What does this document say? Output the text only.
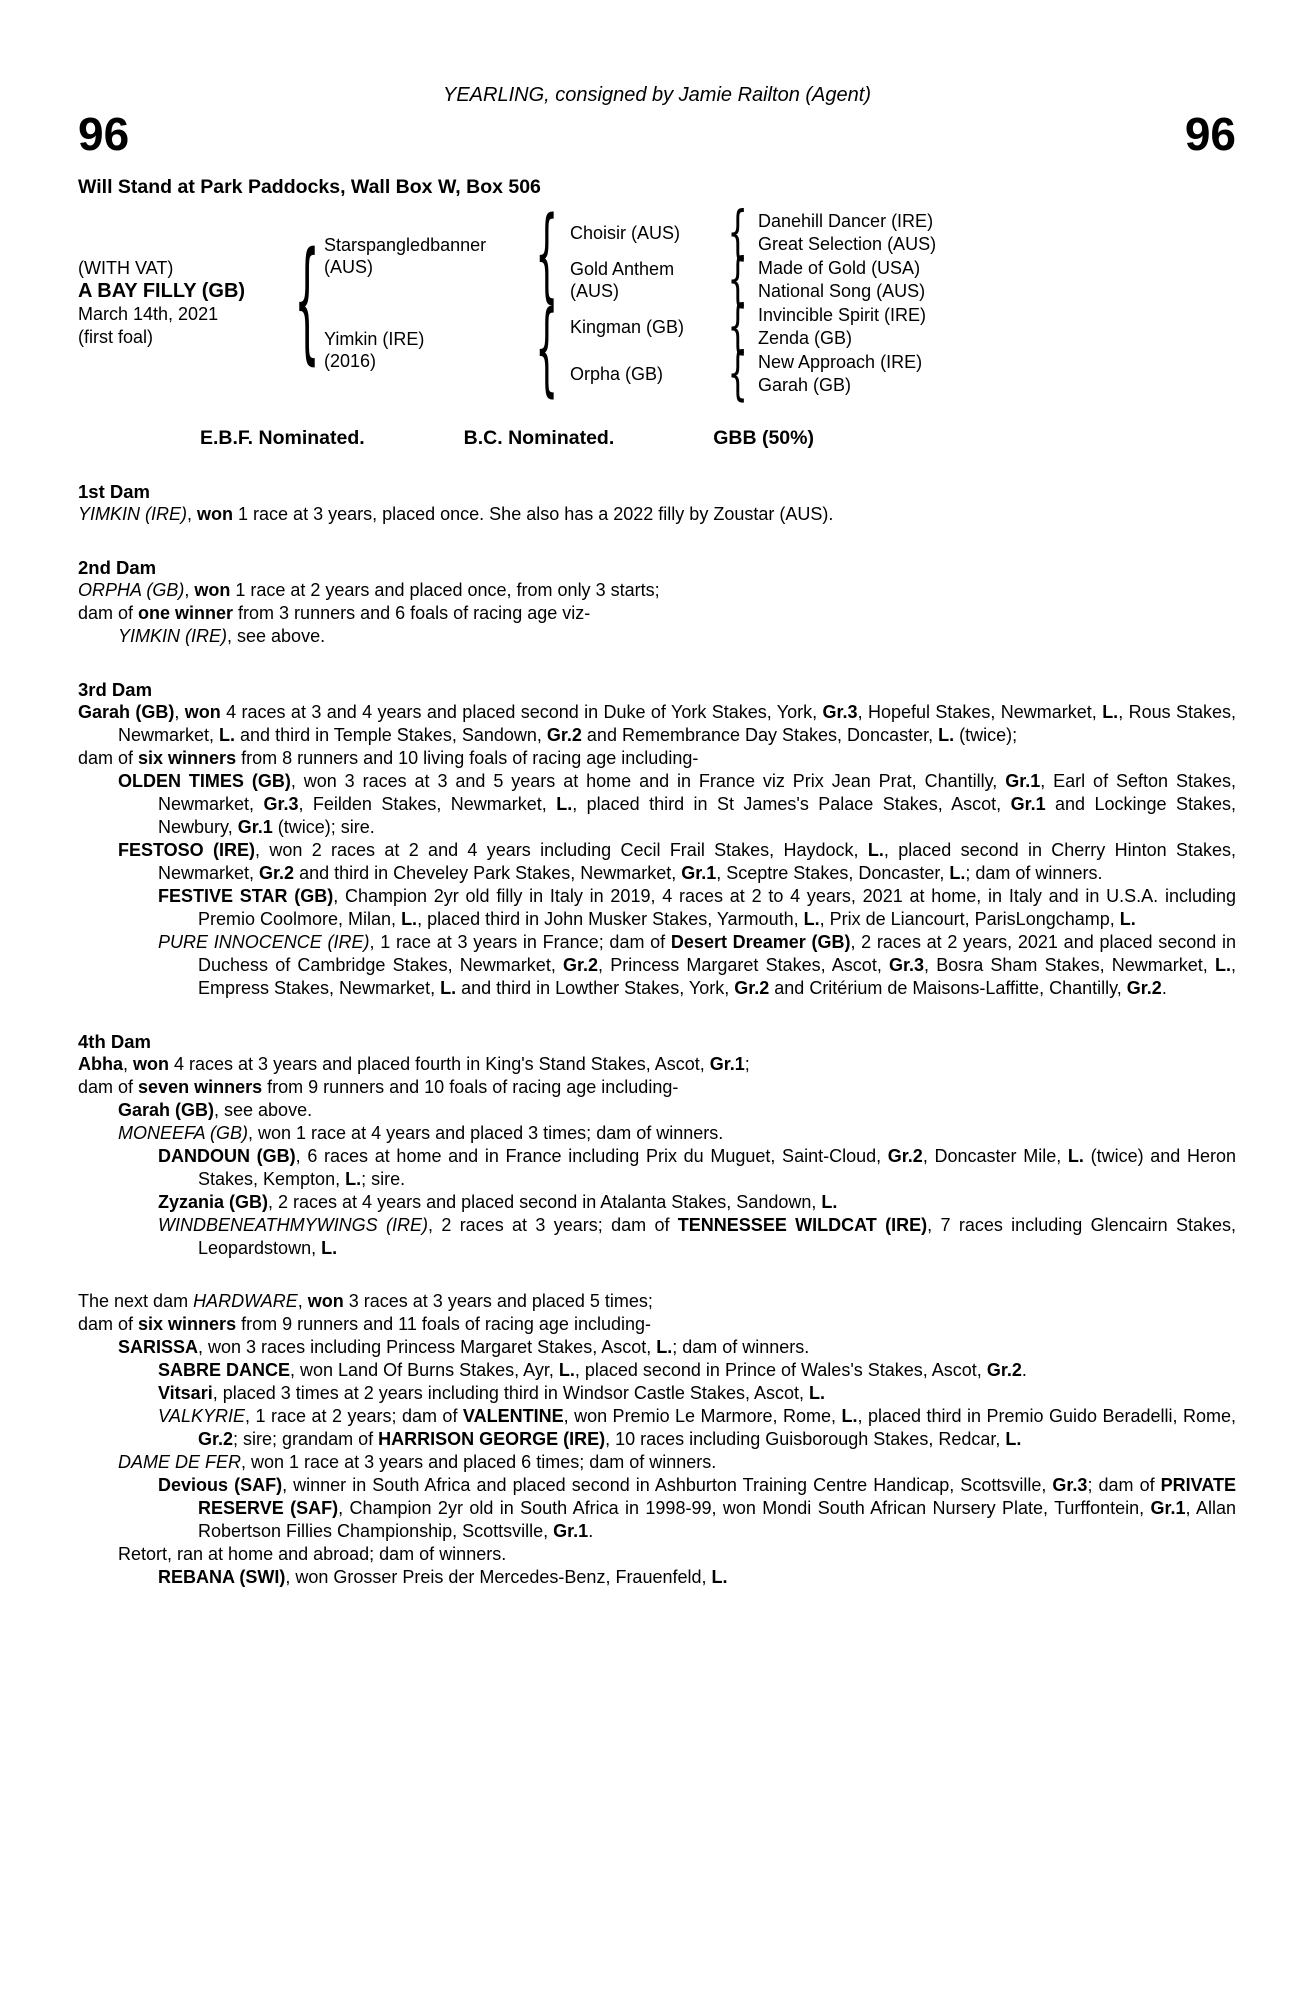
YEARLING, consigned by Jamie Railton (Agent)
96	96
Will Stand at Park Paddocks, Wall Box W, Box 506
(WITH VAT)
A BAY FILLY (GB)
March 14th, 2021
(first foal)	{ Starspangledbanner
(AUS)
Yimkin (IRE)
(2016)
{
{
Choisir (AUS)
Gold Anthem (AUS)
Kingman (GB)
Orpha (GB)
{
{
{
{
Danehill Dancer (IRE)
Great Selection (AUS)
Made of Gold (USA)
National Song (AUS)
Invincible Spirit (IRE)
Zenda (GB)
New Approach (IRE)
Garah (GB)
E.B.F. Nominated.	B.C. Nominated.	GBB (50%)
1st Dam
YIMKIN (IRE), won 1 race at 3 years, placed once. She also has a 2022 filly by Zoustar (AUS).
2nd Dam
ORPHA (GB), won 1 race at 2 years and placed once, from only 3 starts;
dam of one winner from 3 runners and 6 foals of racing age viz-
YIMKIN (IRE), see above.
3rd Dam
Garah (GB), won 4 races at 3 and 4 years and placed second in Duke of York Stakes, York, Gr.3, Hopeful Stakes, Newmarket, L., Rous Stakes, Newmarket, L. and third in Temple Stakes, Sandown, Gr.2 and Remembrance Day Stakes, Doncaster, L. (twice);
dam of six winners from 8 runners and 10 living foals of racing age including-
OLDEN TIMES (GB), won 3 races at 3 and 5 years at home and in France viz Prix Jean Prat, Chantilly, Gr.1, Earl of Sefton Stakes, Newmarket, Gr.3, Feilden Stakes, Newmarket, L., placed third in St James's Palace Stakes, Ascot, Gr.1 and Lockinge Stakes, Newbury, Gr.1 (twice); sire.
FESTOSO (IRE), won 2 races at 2 and 4 years including Cecil Frail Stakes, Haydock, L., placed second in Cherry Hinton Stakes, Newmarket, Gr.2 and third in Cheveley Park Stakes, Newmarket, Gr.1, Sceptre Stakes, Doncaster, L.; dam of winners.
FESTIVE STAR (GB), Champion 2yr old filly in Italy in 2019, 4 races at 2 to 4 years, 2021 at home, in Italy and in U.S.A. including Premio Coolmore, Milan, L., placed third in John Musker Stakes, Yarmouth, L., Prix de Liancourt, ParisLongchamp, L.
PURE INNOCENCE (IRE), 1 race at 3 years in France; dam of Desert Dreamer (GB), 2 races at 2 years, 2021 and placed second in Duchess of Cambridge Stakes, Newmarket, Gr.2, Princess Margaret Stakes, Ascot, Gr.3, Bosra Sham Stakes, Newmarket, L., Empress Stakes, Newmarket, L. and third in Lowther Stakes, York, Gr.2 and Critérium de Maisons-Laffitte, Chantilly, Gr.2.
4th Dam
Abha, won 4 races at 3 years and placed fourth in King's Stand Stakes, Ascot, Gr.1;
dam of seven winners from 9 runners and 10 foals of racing age including-
Garah (GB), see above.
MONEEFA (GB), won 1 race at 4 years and placed 3 times; dam of winners.
DANDOUN (GB), 6 races at home and in France including Prix du Muguet, Saint-Cloud, Gr.2, Doncaster Mile, L. (twice) and Heron Stakes, Kempton, L.; sire.
Zyzania (GB), 2 races at 4 years and placed second in Atalanta Stakes, Sandown, L.
WINDBENEATHMYWINGS (IRE), 2 races at 3 years; dam of TENNESSEE WILDCAT (IRE), 7 races including Glencairn Stakes, Leopardstown, L.
The next dam HARDWARE, won 3 races at 3 years and placed 5 times;
dam of six winners from 9 runners and 11 foals of racing age including-
SARISSA, won 3 races including Princess Margaret Stakes, Ascot, L.; dam of winners.
SABRE DANCE, won Land Of Burns Stakes, Ayr, L., placed second in Prince of Wales's Stakes, Ascot, Gr.2.
Vitsari, placed 3 times at 2 years including third in Windsor Castle Stakes, Ascot, L.
VALKYRIE, 1 race at 2 years; dam of VALENTINE, won Premio Le Marmore, Rome, L., placed third in Premio Guido Beradelli, Rome, Gr.2; sire; grandam of HARRISON GEORGE (IRE), 10 races including Guisborough Stakes, Redcar, L.
DAME DE FER, won 1 race at 3 years and placed 6 times; dam of winners.
Devious (SAF), winner in South Africa and placed second in Ashburton Training Centre Handicap, Scottsville, Gr.3; dam of PRIVATE RESERVE (SAF), Champion 2yr old in South Africa in 1998-99, won Mondi South African Nursery Plate, Turffontein, Gr.1, Allan Robertson Fillies Championship, Scottsville, Gr.1.
Retort, ran at home and abroad; dam of winners.
REBANA (SWI), won Grosser Preis der Mercedes-Benz, Frauenfeld, L.
